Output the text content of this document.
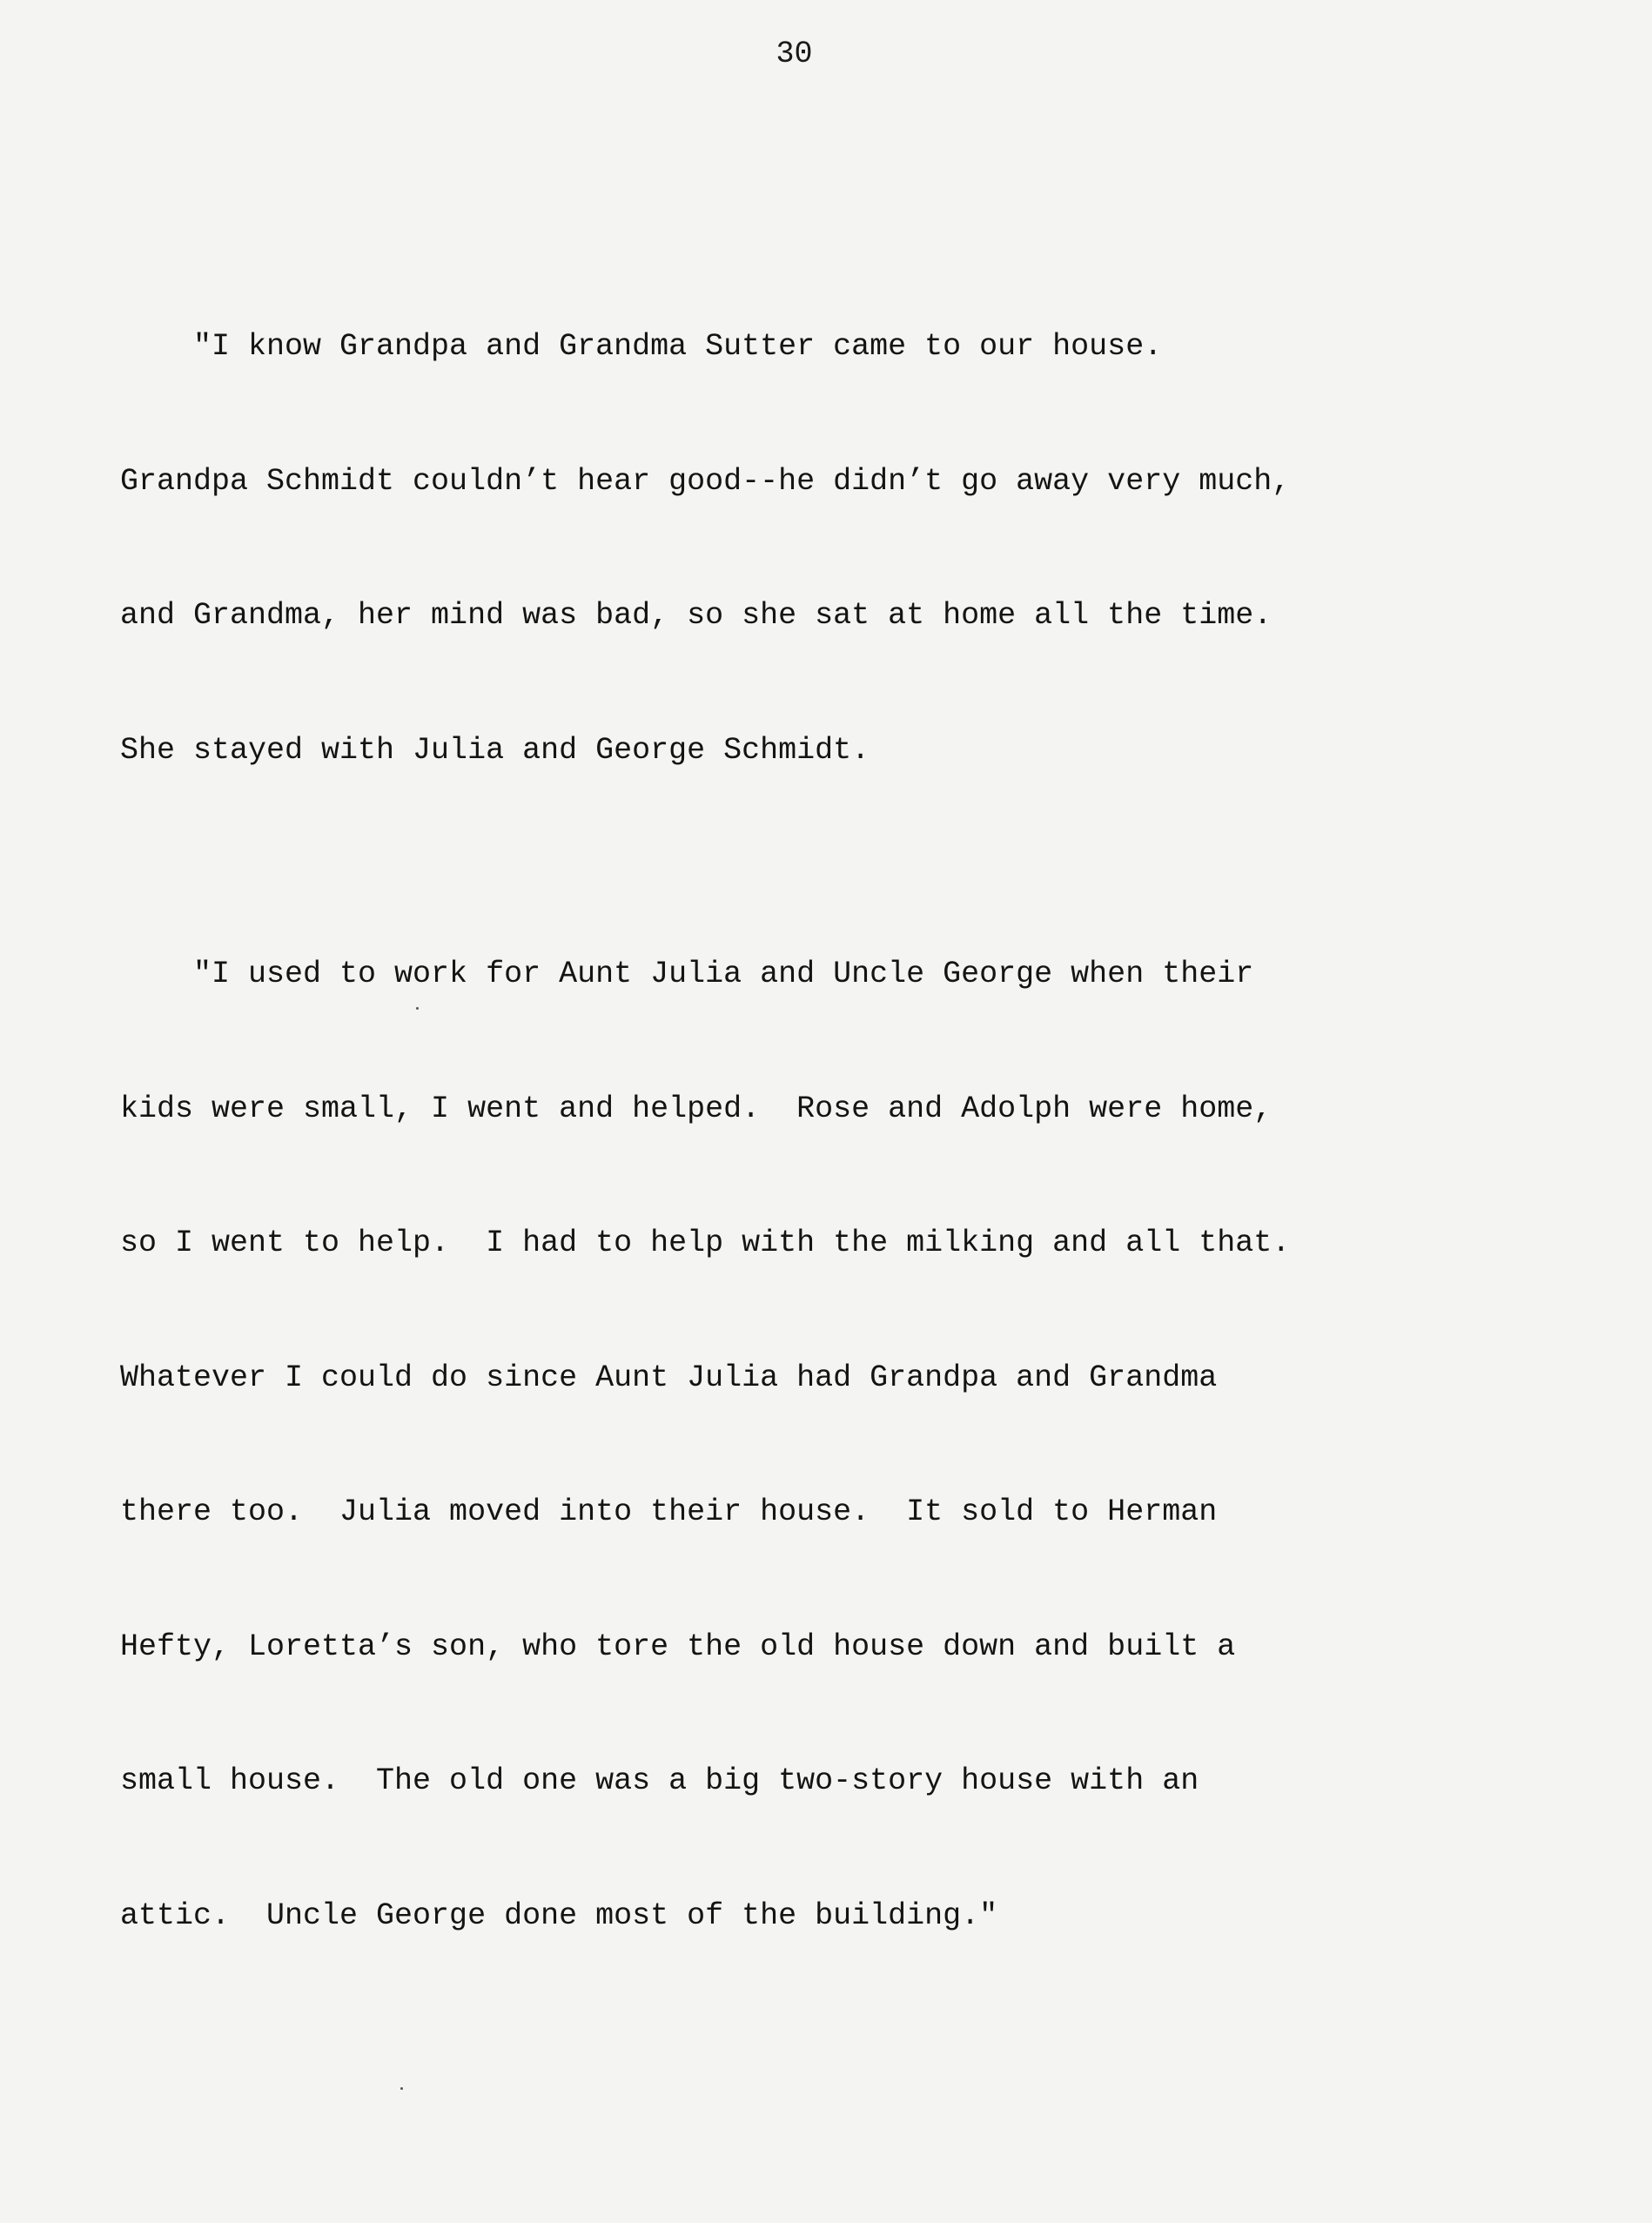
30

"I know Grandpa and Grandma Sutter came to our house.

Grandpa Schmidt couldn’t hear good--he didn’t go away very much,

and Grandma, her mind was bad, so she sat at home all the time.

She stayed with Julia and George Schmidt.

"I used to work for Aunt Julia and Uncle George when their

kids were small, I went and helped.  Rose and Adolph were home,

so I went to help.  I had to help with the milking and all that.

Whatever I could do since Aunt Julia had Grandpa and Grandma

there too.  Julia moved into their house.  It sold to Herman

Hefty, Loretta’s son, who tore the old house down and built a

small house.  The old one was a big two-story house with an

attic.  Uncle George done most of the building."
